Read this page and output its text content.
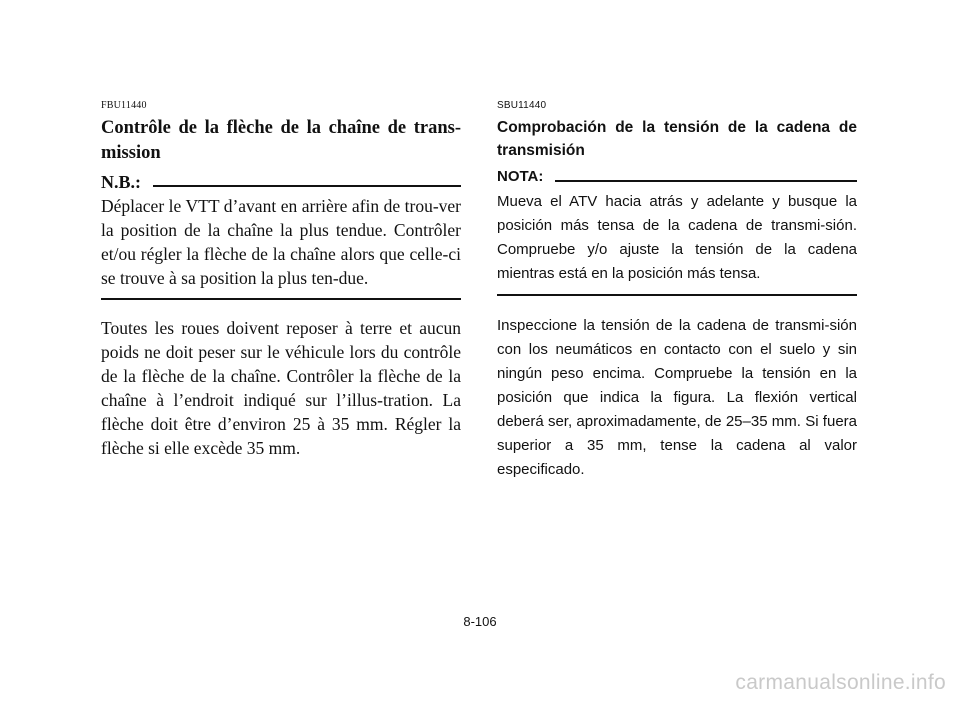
FBU11440
Contrôle de la flèche de la chaîne de trans-mission
N.B.:

Déplacer le VTT d’avant en arrière afin de trou-ver la position de la chaîne la plus tendue. Contrôler et/ou régler la flèche de la chaîne alors que celle-ci se trouve à sa position la plus ten-due.

Toutes les roues doivent reposer à terre et aucun poids ne doit peser sur le véhicule lors du contrôle de la flèche de la chaîne. Contrôler la flèche de la chaîne à l’endroit indiqué sur l’illus-tration. La flèche doit être d’environ 25 à 35 mm. Régler la flèche si elle excède 35 mm.

SBU11440
Comprobación de la tensión de la cadena de transmisión
NOTA:

Mueva el ATV hacia atrás y adelante y busque la posición más tensa de la cadena de transmi-sión. Compruebe y/o ajuste la tensión de la cadena mientras está en la posición más tensa.

Inspeccione la tensión de la cadena de transmi-sión con los neumáticos en contacto con el suelo y sin ningún peso encima. Compruebe la tensión en la posición que indica la figura. La flexión vertical deberá ser, aproximadamente, de 25–35 mm. Si fuera superior a 35 mm, tense la cadena al valor especificado.

8-106
carmanualsonline.info
